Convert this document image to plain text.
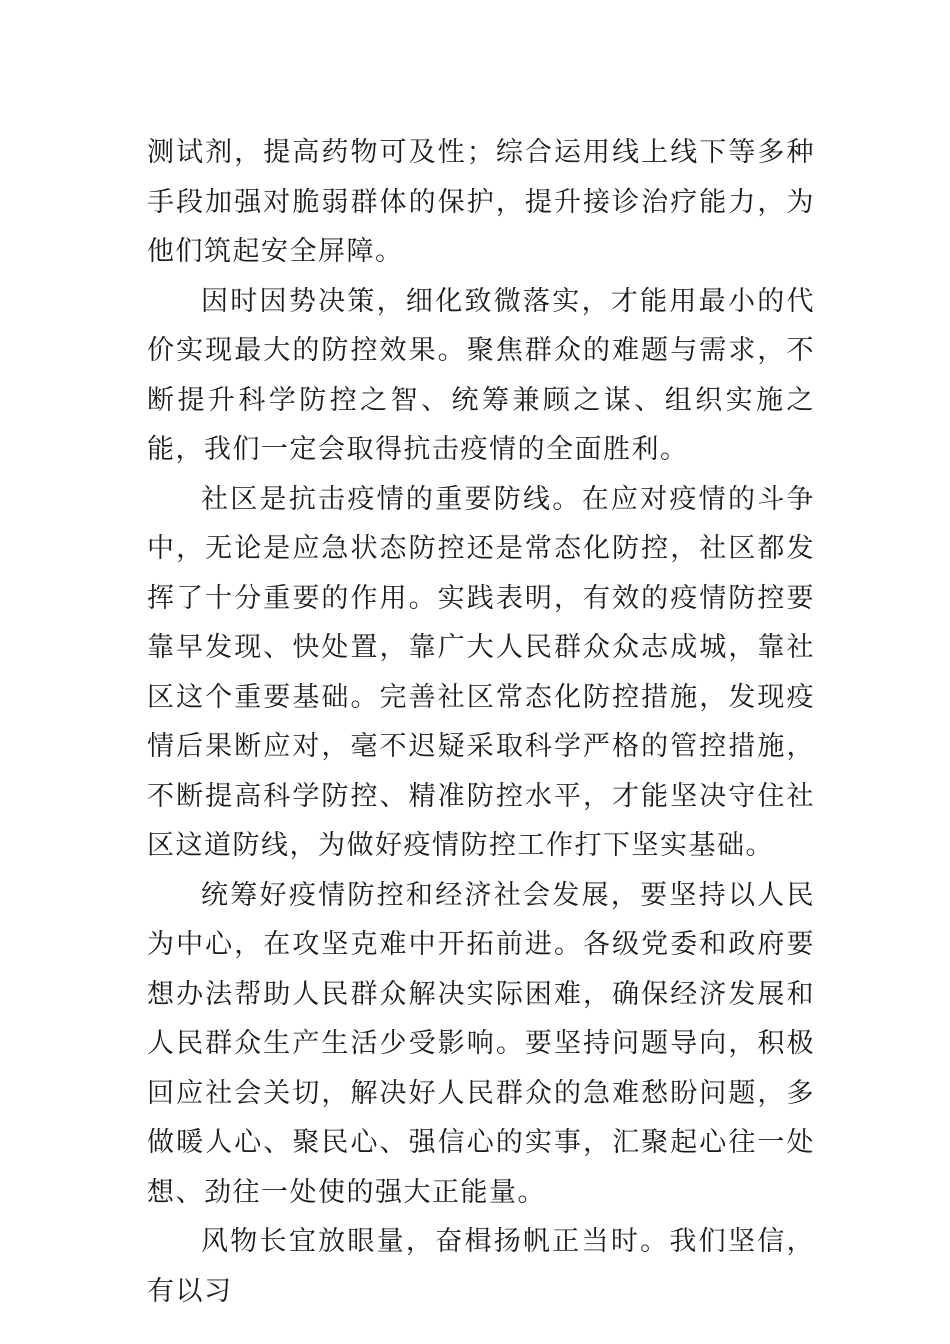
测试剂，提高药物可及性；综合运用线上线下等多种手段加强对脆弱群体的保护，提升接诊治疗能力，为他们筑起安全屏障。

因时因势决策，细化致微落实，才能用最小的代价实现最大的防控效果。聚焦群众的难题与需求，不断提升科学防控之智、统筹兼顾之谋、组织实施之能，我们一定会取得抗击疫情的全面胜利。

社区是抗击疫情的重要防线。在应对疫情的斗争中，无论是应急状态防控还是常态化防控，社区都发挥了十分重要的作用。实践表明，有效的疫情防控要靠早发现、快处置，靠广大人民群众众志成城，靠社区这个重要基础。完善社区常态化防控措施，发现疫情后果断应对，毫不迟疑采取科学严格的管控措施，不断提高科学防控、精准防控水平，才能坚决守住社区这道防线，为做好疫情防控工作打下坚实基础。

统筹好疫情防控和经济社会发展，要坚持以人民为中心，在攻坚克难中开拓前进。各级党委和政府要想办法帮助人民群众解决实际困难，确保经济发展和人民群众生产生活少受影响。要坚持问题导向，积极回应社会关切，解决好人民群众的急难愁盼问题，多做暖人心、聚民心、强信心的实事，汇聚起心往一处想、劲往一处使的强大正能量。

风物长宜放眼量，奋楫扬帆正当时。我们坚信，有以习
